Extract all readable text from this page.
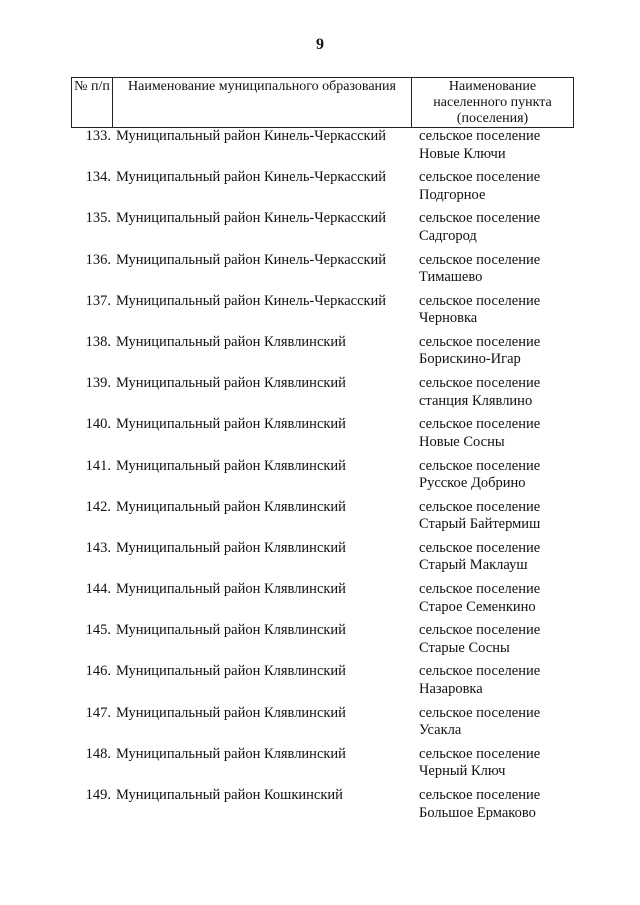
9
№ п/п	Наименование муниципального образования	Наименование населенного пункта (поселения)
133. Муниципальный район Кинель-Черкасский	сельское поселение
Новые Ключи
134. Муниципальный район Кинель-Черкасский	сельское поселение
Подгорное
135. Муниципальный район Кинель-Черкасский	сельское поселение
Садгород
136. Муниципальный район Кинель-Черкасский	сельское поселение
Тимашево
137. Муниципальный район Кинель-Черкасский	сельское поселение
Черновка
138. Муниципальный район Клявлинский	сельское поселение
Борискино-Игар
139. Муниципальный район Клявлинский	сельское поселение
станция Клявлино
140. Муниципальный район Клявлинский	сельское поселение
Новые Сосны
141. Муниципальный район Клявлинский	сельское поселение
Русское Добрино
142. Муниципальный район Клявлинский	сельское поселение
Старый Байтермиш
143. Муниципальный район Клявлинский	сельское поселение
Старый Маклауш
144. Муниципальный район Клявлинский	сельское поселение
Старое Семенкино
145. Муниципальный район Клявлинский	сельское поселение
Старые Сосны
146. Муниципальный район Клявлинский	сельское поселение
Назаровка
147. Муниципальный район Клявлинский	сельское поселение
Усакла
148. Муниципальный район Клявлинский	сельское поселение
Черный Ключ
149. Муниципальный район Кошкинский	сельское поселение
Большое Ермаково
